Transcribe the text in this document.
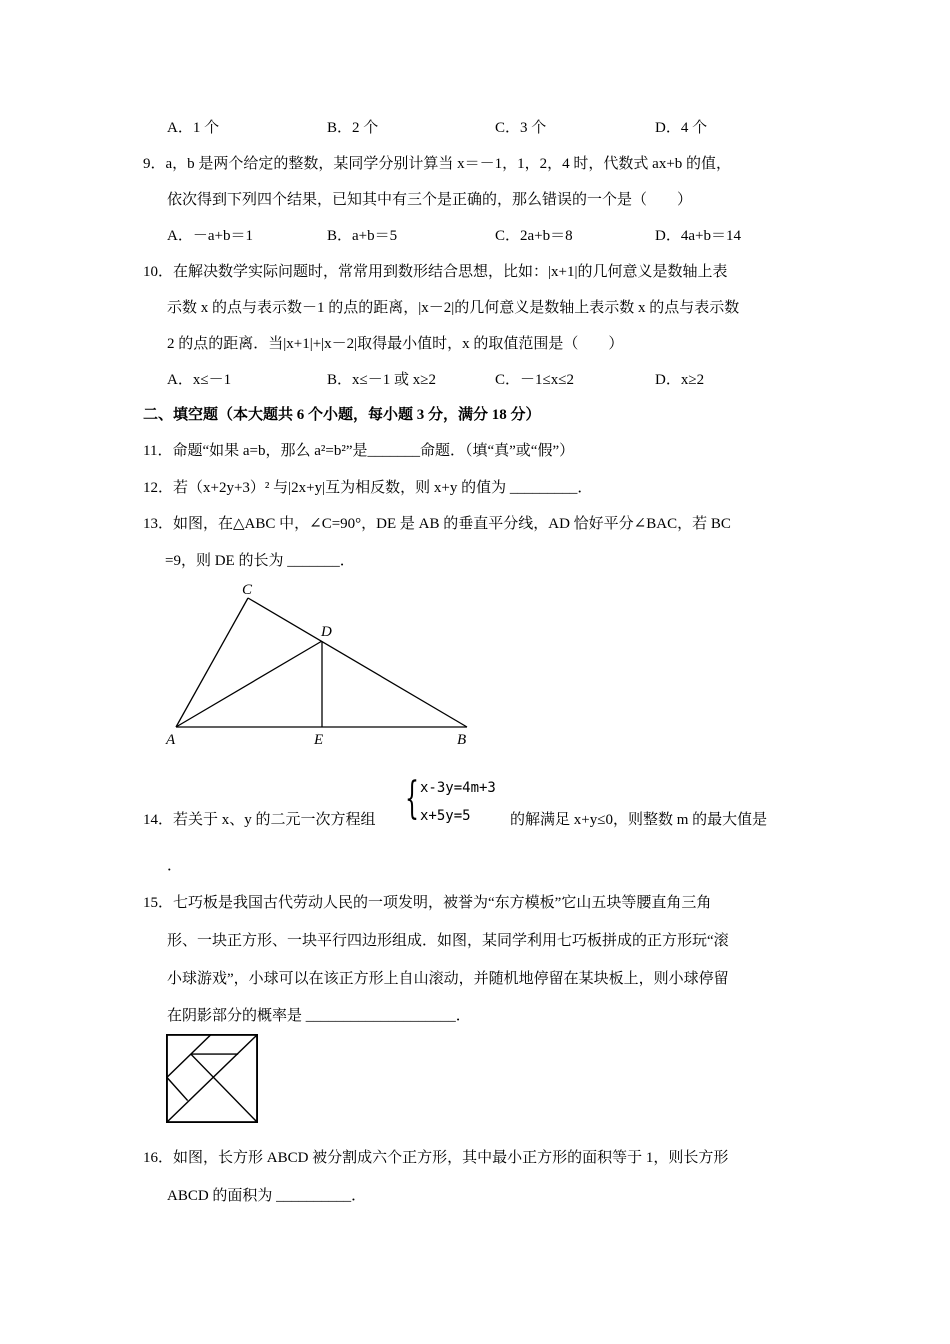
A．1 个	B．2 个	C．3 个	D．4 个
9．a，b 是两个给定的整数，某同学分别计算当 x＝－1，1，2，4 时，代数式 ax+b 的值，
依次得到下列四个结果，已知其中有三个是正确的，那么错误的一个是（　　）
A．－a+b＝1	B．a+b＝5	C．2a+b＝8	D．4a+b＝14
10．在解决数学实际问题时，常常用到数形结合思想，比如：|x+1|的几何意义是数轴上表
示数 x 的点与表示数－1 的点的距离，|x－2|的几何意义是数轴上表示数 x 的点与表示数
2 的点的距离．当|x+1|+|x－2|取得最小值时，x 的取值范围是（　　）
A．x≤－1	B．x≤－1 或 x≥2	C．－1≤x≤2	D．x≥2
二、填空题（本大题共 6 个小题，每小题 3 分，满分 18 分）
11．命题“如果 a=b，那么 a²=b²”是_______命题．（填“真”或“假”）
12．若（x+2y+3）² 与|2x+y|互为相反数，则 x+y 的值为 _________．
13．如图，在△ABC 中，∠C=90°，DE 是 AB 的垂直平分线，AD 恰好平分∠BAC，若 BC
=9，则 DE 的长为 _______．
A	B
C
D
E
14．若关于 x、y 的二元一次方程组 { x-3y=4m+3
x+5y=5	的解满足 x+y≤0，则整数 m 的最大值是
．
15．七巧板是我国古代劳动人民的一项发明，被誉为“东方模板”它山五块等腰直角三角
形、一块正方形、一块平行四边形组成．如图，某同学利用七巧板拼成的正方形玩“滚
小球游戏”，小球可以在该正方形上自山滚动，并随机地停留在某块板上，则小球停留
在阴影部分的概率是 ____________________．
16．如图，长方形 ABCD 被分割成六个正方形，其中最小正方形的面积等于 1，则长方形
ABCD 的面积为 __________．
